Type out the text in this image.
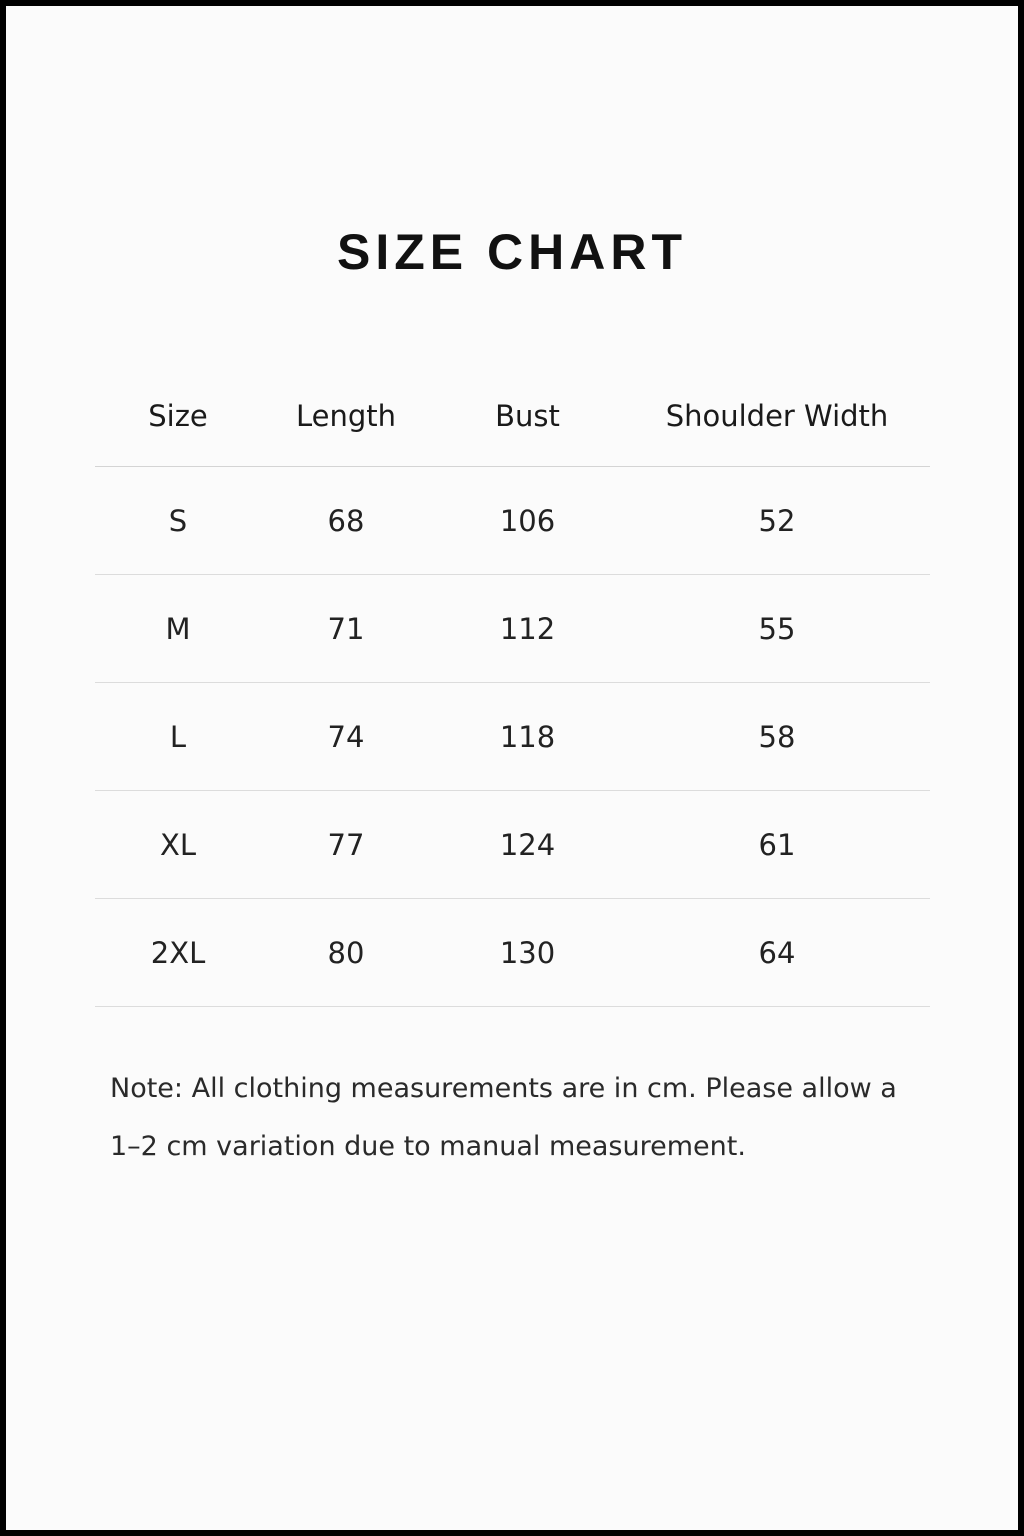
SIZE CHART
Size	Length	Bust	Shoulder Width
S	68	106	52
M	71	112	55
L	74	118	58
XL	77	124	61
2XL	80	130	64

Note: All clothing measurements are in cm. Please allow a 1–2 cm variation due to manual measurement.
